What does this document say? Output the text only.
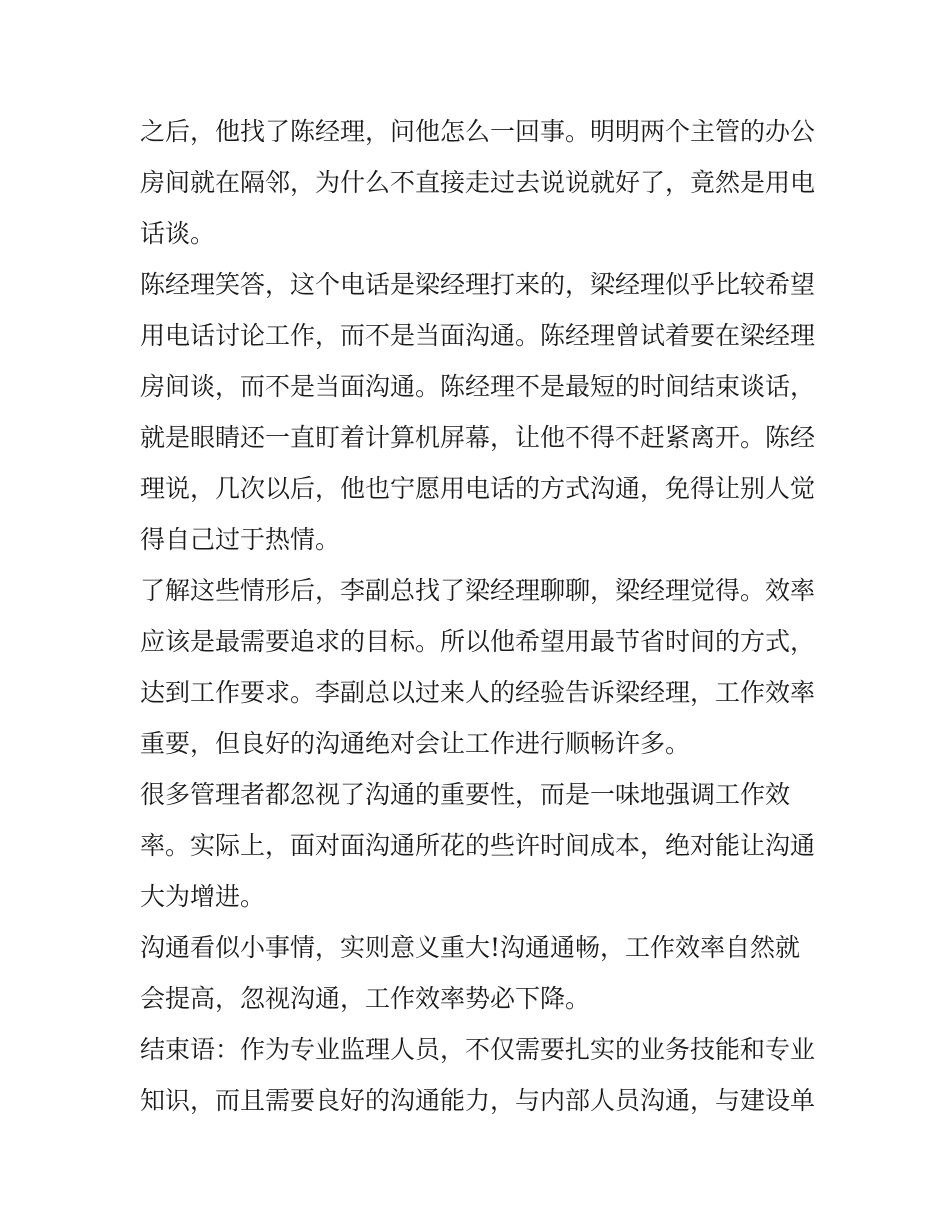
之后，他找了陈经理，问他怎么一回事。明明两个主管的办公
房间就在隔邻，为什么不直接走过去说说就好了，竟然是用电
话谈。

陈经理笑答，这个电话是梁经理打来的，梁经理似乎比较希望
用电话讨论工作，而不是当面沟通。陈经理曾试着要在梁经理
房间谈，而不是当面沟通。陈经理不是最短的时间结束谈话，
就是眼睛还一直盯着计算机屏幕，让他不得不赶紧离开。陈经
理说，几次以后，他也宁愿用电话的方式沟通，免得让别人觉
得自己过于热情。

了解这些情形后，李副总找了梁经理聊聊，梁经理觉得。效率
应该是最需要追求的目标。所以他希望用最节省时间的方式，
达到工作要求。李副总以过来人的经验告诉梁经理，工作效率
重要，但良好的沟通绝对会让工作进行顺畅许多。

很多管理者都忽视了沟通的重要性，而是一味地强调工作效
率。实际上，面对面沟通所花的些许时间成本，绝对能让沟通
大为增进。

沟通看似小事情，实则意义重大!沟通通畅，工作效率自然就
会提高，忽视沟通，工作效率势必下降。

结束语：作为专业监理人员，不仅需要扎实的业务技能和专业
知识，而且需要良好的沟通能力，与内部人员沟通，与建设单
